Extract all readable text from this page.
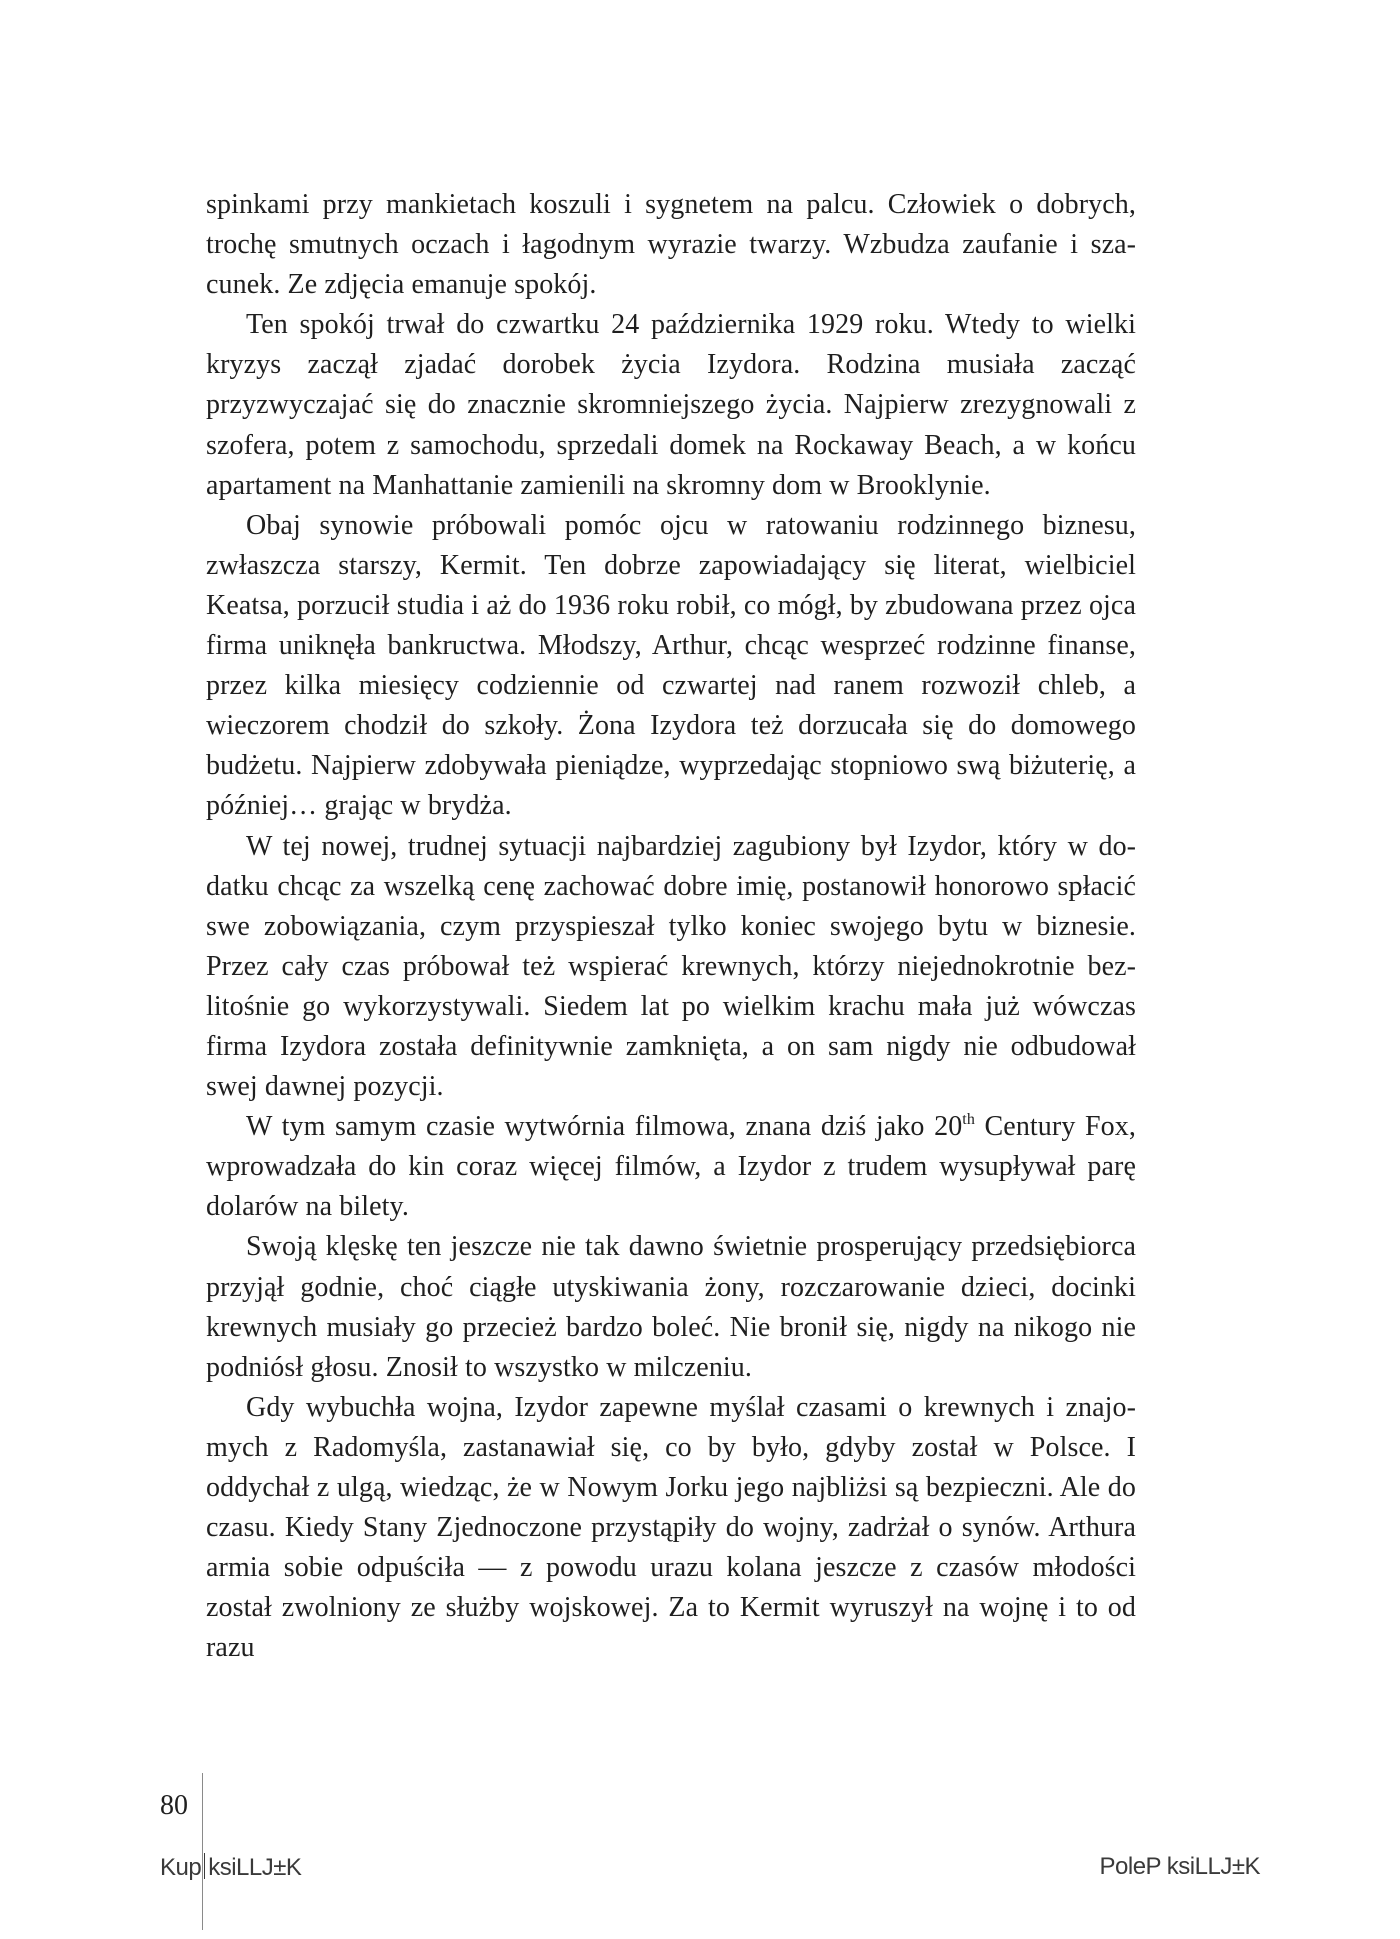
spinkami przy mankietach koszuli i sygnetem na palcu. Człowiek o dobrych, trochę smutnych oczach i łagodnym wyrazie twarzy. Wzbudza zaufanie i szacunek. Ze zdjęcia emanuje spokój.

Ten spokój trwał do czwartku 24 października 1929 roku. Wtedy to wielki kryzys zaczął zjadać dorobek życia Izydora. Rodzina musiała zacząć przyzwyczajać się do znacznie skromniejszego życia. Najpierw zrezygnowali z szofera, potem z samochodu, sprzedali domek na Rockaway Beach, a w końcu apartament na Manhattanie zamienili na skromny dom w Brooklynie.

Obaj synowie próbowali pomóc ojcu w ratowaniu rodzinnego biznesu, zwłaszcza starszy, Kermit. Ten dobrze zapowiadający się literat, wielbiciel Keatsa, porzucił studia i aż do 1936 roku robił, co mógł, by zbudowana przez ojca firma uniknęła bankructwa. Młodszy, Arthur, chcąc wesprzeć rodzinne finanse, przez kilka miesięcy codziennie od czwartej nad ranem rozwoził chleb, a wieczorem chodził do szkoły. Żona Izydora też dorzucała się do domowego budżetu. Najpierw zdobywała pieniądze, wyprzedając stopniowo swą biżuterię, a później… grając w brydża.

W tej nowej, trudnej sytuacji najbardziej zagubiony był Izydor, który w dodatku chcąc za wszelką cenę zachować dobre imię, postanowił honorowo spłacić swe zobowiązania, czym przyspieszał tylko koniec swojego bytu w biznesie. Przez cały czas próbował też wspierać krewnych, którzy niejednokrotnie bezlitośnie go wykorzystywali. Siedem lat po wielkim krachu mała już wówczas firma Izydora została definitywnie zamknięta, a on sam nigdy nie odbudował swej dawnej pozycji.

W tym samym czasie wytwórnia filmowa, znana dziś jako 20th Century Fox, wprowadzała do kin coraz więcej filmów, a Izydor z trudem wysupływał parę dolarów na bilety.

Swoją klęskę ten jeszcze nie tak dawno świetnie prosperujący przedsiębiorca przyjął godnie, choć ciągłe utyskiwania żony, rozczarowanie dzieci, docinki krewnych musiały go przecież bardzo boleć. Nie bronił się, nigdy na nikogo nie podniósł głosu. Znosił to wszystko w milczeniu.

Gdy wybuchła wojna, Izydor zapewne myślał czasami o krewnych i znajomych z Radomyśla, zastanawiał się, co by było, gdyby został w Polsce. I oddychał z ulgą, wiedząc, że w Nowym Jorku jego najbliżsi są bezpieczni. Ale do czasu. Kiedy Stany Zjednoczone przystąpiły do wojny, zadrżał o synów. Arthura armia sobie odpuściła — z powodu urazu kolana jeszcze z czasów młodości został zwolniony ze służby wojskowej. Za to Kermit wyruszył na wojnę i to od razu

80
Kup ksiLLJ±K	PoleP ksiLLJ±K
